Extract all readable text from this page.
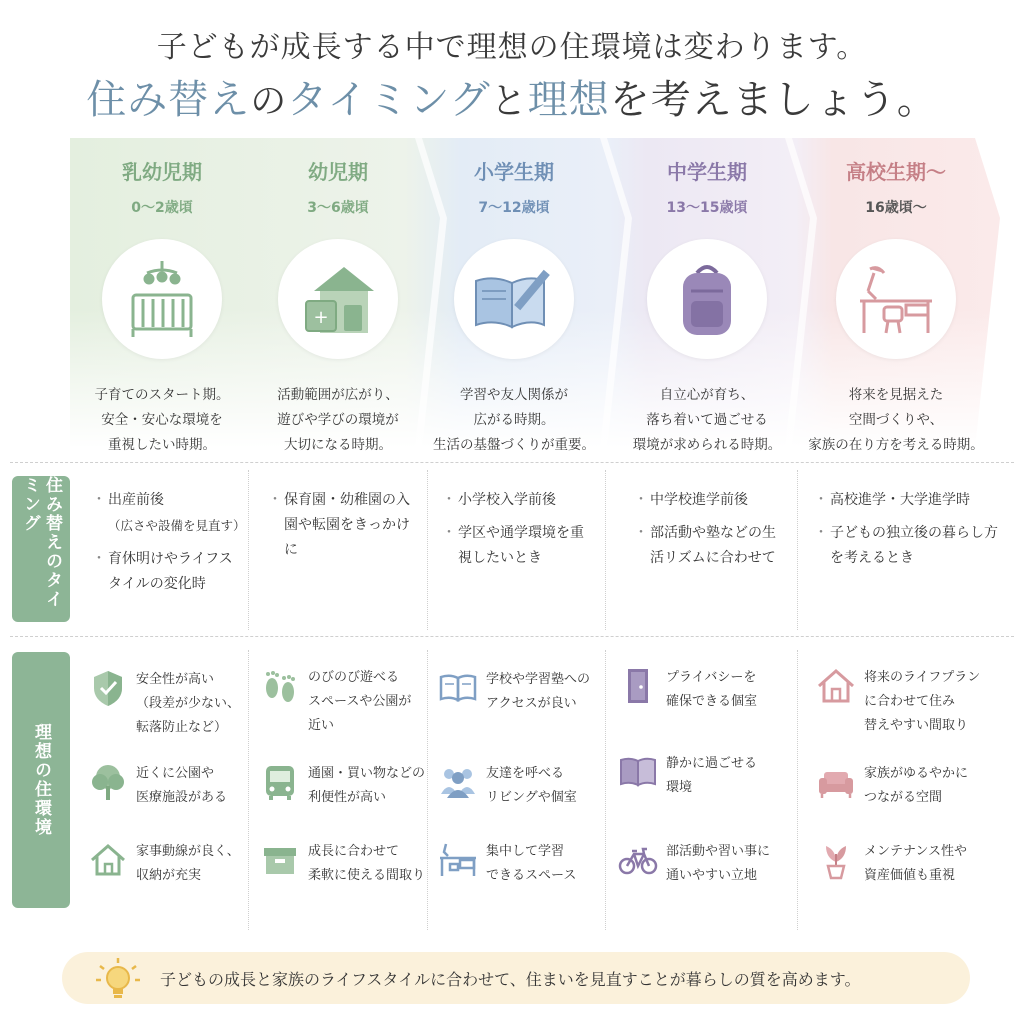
子どもが成長する中で理想の住環境は変わります。
住み替えのタイミングと理想を考えましょう。
乳幼児期
0〜2歳頃
子育てのスタート期。
安全・安心な環境を
重視したい時期。
幼児期
3〜6歳頃
+
活動範囲が広がり、
遊びや学びの環境が
大切になる時期。
小学生期
7〜12歳頃
学習や友人関係が
広がる時期。
生活の基盤づくりが重要。
中学生期
13〜15歳頃
自立心が育ち、
落ち着いて過ごせる
環境が求められる時期。
高校生期〜
16歳頃〜
将来を見据えた
空間づくりや、
家族の在り方を考える時期。
住み替えのタイミング
理想の住環境
・ 出産前後
（広さや設備を見直す）
・ 育休明けやライフスタイルの変化時
・ 保育園・幼稚園の入園や転園をきっかけに
・ 小学校入学前後
・ 学区や通学環境を重視したいとき
・ 中学校進学前後
・ 部活動や塾などの生活リズムに合わせて
・ 高校進学・大学進学時
・ 子どもの独立後の暮らし方を考えるとき
安全性が高い
（段差が少ない、
転落防止など）
近くに公園や
医療施設がある
家事動線が良く、
収納が充実
のびのび遊べる
スペースや公園が
近い
通園・買い物などの
利便性が高い
成長に合わせて
柔軟に使える間取り
学校や学習塾への
アクセスが良い
友達を呼べる
リビングや個室
集中して学習
できるスペース
プライバシーを
確保できる個室
静かに過ごせる
環境
部活動や習い事に
通いやすい立地
将来のライフプラン
に合わせて住み
替えやすい間取り
家族がゆるやかに
つながる空間
メンテナンス性や
資産価値も重視
子どもの成長と家族のライフスタイルに合わせて、住まいを見直すことが暮らしの質を高めます。
